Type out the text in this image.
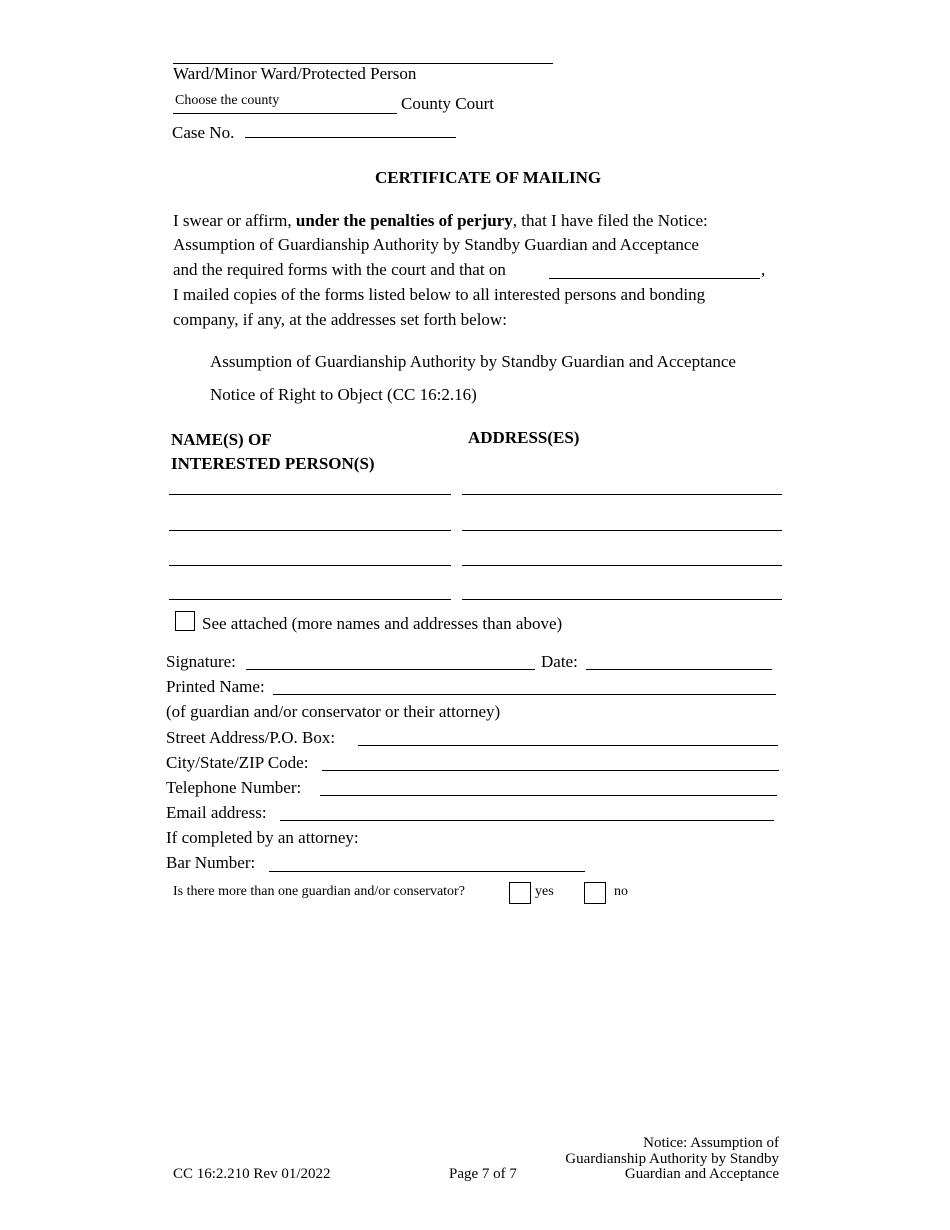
Ward/Minor Ward/Protected Person
Choose the county	County Court
Case No.
CERTIFICATE OF MAILING
I swear or affirm, under the penalties of perjury, that I have filed the Notice:
Assumption of Guardianship Authority by Standby Guardian and Acceptance
and the required forms with the court and that on	,
I mailed copies of the forms listed below to all interested persons and bonding
company, if any, at the addresses set forth below:
Assumption of Guardianship Authority by Standby Guardian and Acceptance
Notice of Right to Object (CC 16:2.16)
NAME(S) OF
INTERESTED PERSON(S)
ADDRESS(ES)
See attached (more names and addresses than above)
Signature:	Date:
Printed Name:
(of guardian and/or conservator or their attorney)
Street Address/P.O. Box:
City/State/ZIP Code:
Telephone Number:
Email address:
If completed by an attorney:
Bar Number:
Is there more than one guardian and/or conservator?	yes	no
CC 16:2.210 Rev 01/2022	Page 7 of 7
Notice: Assumption of
Guardianship Authority by Standby
Guardian and Acceptance
